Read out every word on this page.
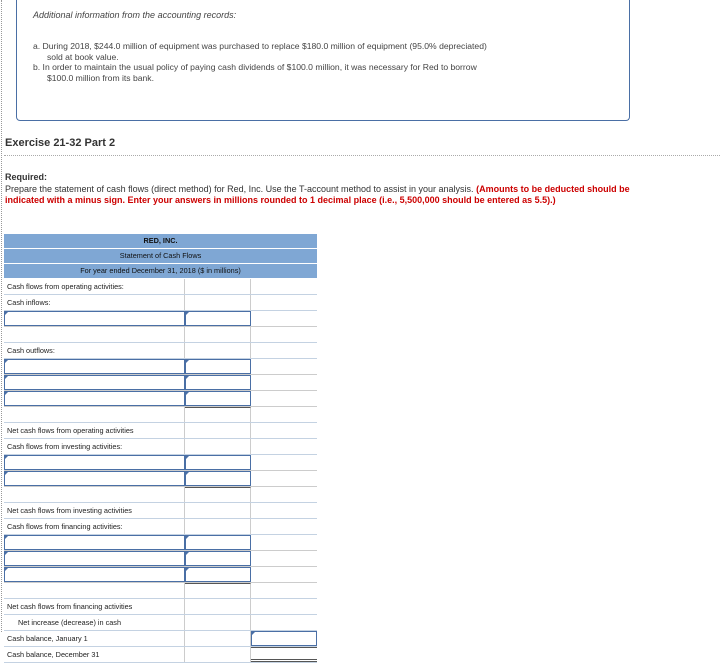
Additional information from the accounting records:
a. During 2018, $244.0 million of equipment was purchased to replace $180.0 million of equipment (95.0% depreciated)
sold at book value.
b. In order to maintain the usual policy of paying cash dividends of $100.0 million, it was necessary for Red to borrow
$100.0 million from its bank.
Exercise 21-32 Part 2
Required:
Prepare the statement of cash flows (direct method) for Red, Inc. Use the T-account method to assist in your analysis. (Amounts to be deducted should be indicated with a minus sign. Enter your answers in millions rounded to 1 decimal place (i.e., 5,500,000 should be entered as 5.5).)
RED, INC.
Statement of Cash Flows
For year ended December 31, 2018 ($ in millions)
Cash flows from operating activities:
Cash inflows:
Cash outflows:
Net cash flows from operating activities
Cash flows from investing activities:
Net cash flows from investing activities
Cash flows from financing activities:
Net cash flows from financing activities
Net increase (decrease) in cash
Cash balance, January 1
Cash balance, December 31
